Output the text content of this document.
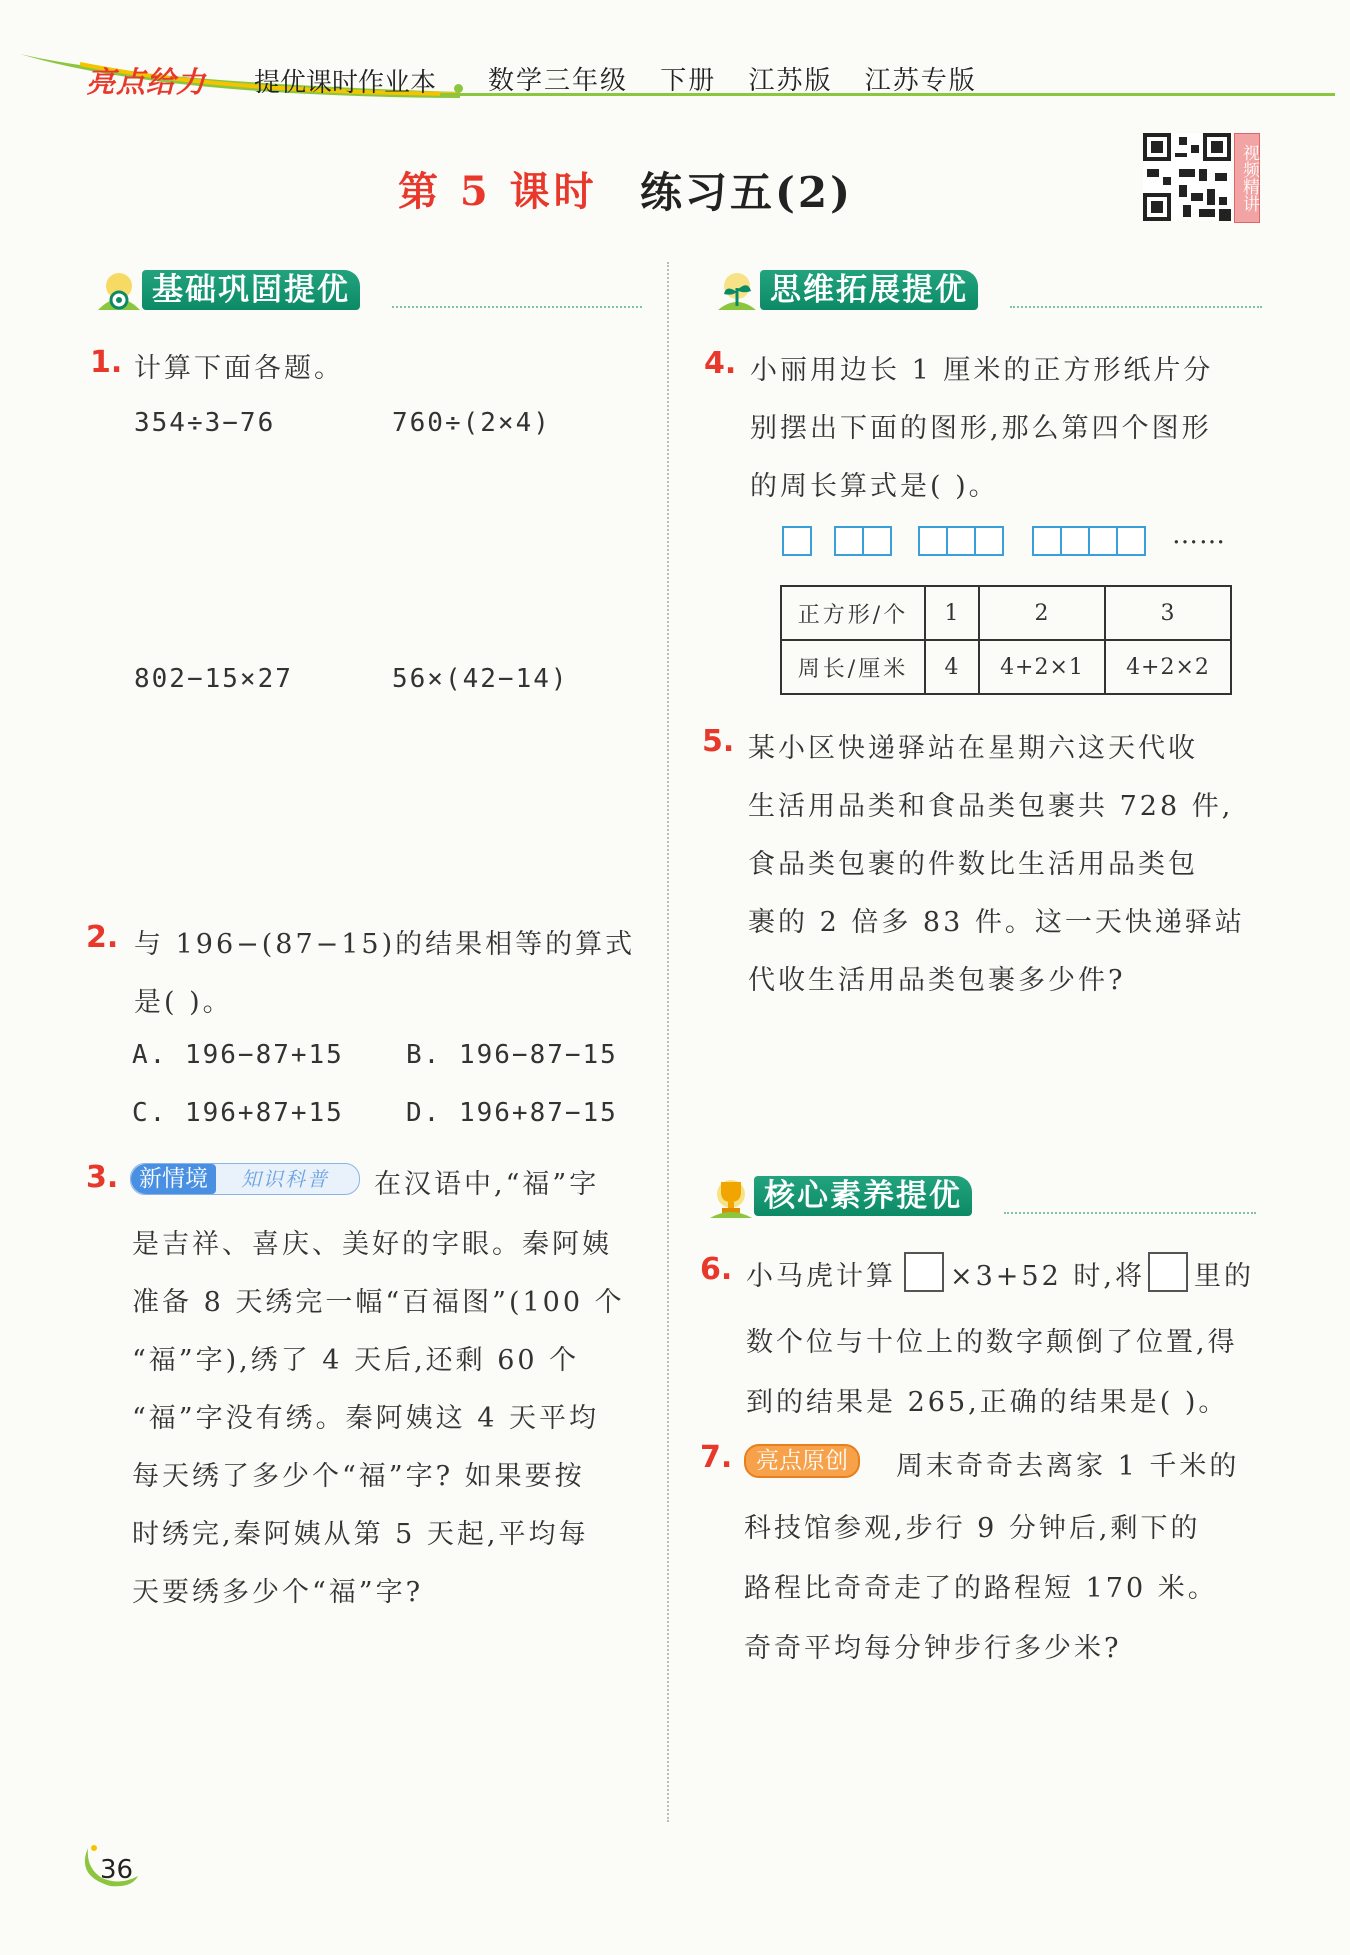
亮点给力 提优课时作业本 数学三年级 下册 江苏版 江苏专版
第 5 课时 练习五(2)	视频精讲
基础巩固提优	思维拓展提优
核心素养提优
1. 计算下面各题。
354÷3−76	760÷(2×4)
802−15×27	56×(42−14)
2. 与 196−(87−15)的结果相等的算式
是( )。
A. 196−87+15 B. 196−87−15
C. 196+87+15 D. 196+87−15
3. 新情境	知识科普 在汉语中,“福”字
是吉祥、喜庆、美好的字眼。秦阿姨
准备 8 天绣完一幅“百福图”(100 个
“福”字),绣了 4 天后,还剩 60 个
“福”字没有绣。秦阿姨这 4 天平均
每天绣了多少个“福”字? 如果要按
时绣完,秦阿姨从第 5 天起,平均每
天要绣多少个“福”字?
4. 小丽用边长 1 厘米的正方形纸片分
别摆出下面的图形,那么第四个图形
的周长算式是( )。
……
正方形/个	1	2	3
周长/厘米	4	4+2×1	4+2×2
5. 某小区快递驿站在星期六这天代收
生活用品类和食品类包裹共 728 件,
食品类包裹的件数比生活用品类包
裹的 2 倍多 83 件。这一天快递驿站
代收生活用品类包裹多少件?
6. 小马虎计算 ×3+52 时,将 里的
数个位与十位上的数字颠倒了位置,得
到的结果是 265,正确的结果是( )。
7.	亮点原创	周末奇奇去离家 1 千米的
科技馆参观,步行 9 分钟后,剩下的
路程比奇奇走了的路程短 170 米。
奇奇平均每分钟步行多少米?
36
